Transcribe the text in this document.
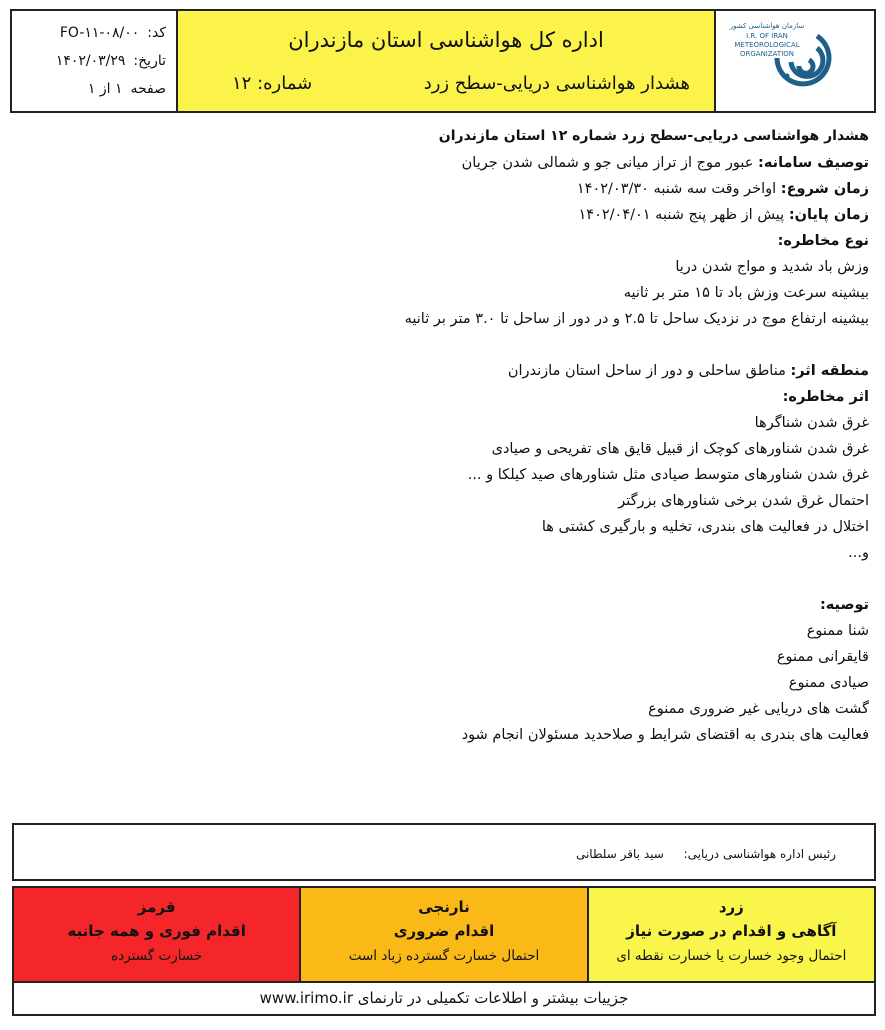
سازمان هواشناسی کشور
I.R. OF IRAN
METEOROLOGICAL
ORGANIZATION
اداره کل هواشناسی استان مازندران
هشدار هواشناسی دریایی-سطح زرد
شماره: ۱۲
کد:
FO-۱۱-۰۸/۰۰
تاریخ:
۱۴۰۲/۰۳/۲۹
صفحه
۱ از ۱
هشدار هواشناسی دریایی-سطح زرد شماره ۱۲ استان مازندران
توصیف سامانه: عبور موج از تراز میانی جو و شمالی شدن جریان
زمان شروع: اواخر وقت سه شنبه ۱۴۰۲/۰۳/۳۰
زمان پایان: پیش از ظهر پنج شنبه ۱۴۰۲/۰۴/۰۱
نوع مخاطره:
وزش باد شدید و مواج شدن دریا
بیشینه سرعت وزش باد تا ۱۵ متر بر ثانیه
بیشینه ارتفاع موج در نزدیک ساحل تا ۲.۵ و در دور از ساحل تا ۳.۰ متر بر ثانیه
منطقه اثر: مناطق ساحلی و دور از ساحل استان مازندران
اثر مخاطره:
غرق شدن شناگرها
غرق شدن شناورهای کوچک از قبیل قایق های تفریحی و صیادی
غرق شدن شناورهای متوسط صیادی مثل شناورهای صید کیلکا و ...
احتمال غرق شدن برخی شناورهای بزرگتر
اختلال در فعالیت های بندری، تخلیه و بارگیری کشتی ها
و...
توصیه:
شنا ممنوع
قایقرانی ممنوع
صیادی ممنوع
گشت های دریایی غیر ضروری ممنوع
فعالیت های بندری به اقتضای شرایط و صلاحدید مسئولان انجام شود
رئیس اداره هواشناسی دریایی: سید باقر سلطانی
زرد
آگاهی و اقدام در صورت نیاز
احتمال وجود خسارت یا خسارت نقطه ای
نارنجی
اقدام ضروری
احتمال خسارت گسترده زیاد است
قرمز
اقدام فوری و همه جانبه
خسارت گسترده
جزییات بیشتر و اطلاعات تکمیلی در تارنمای www.irimo.ir
